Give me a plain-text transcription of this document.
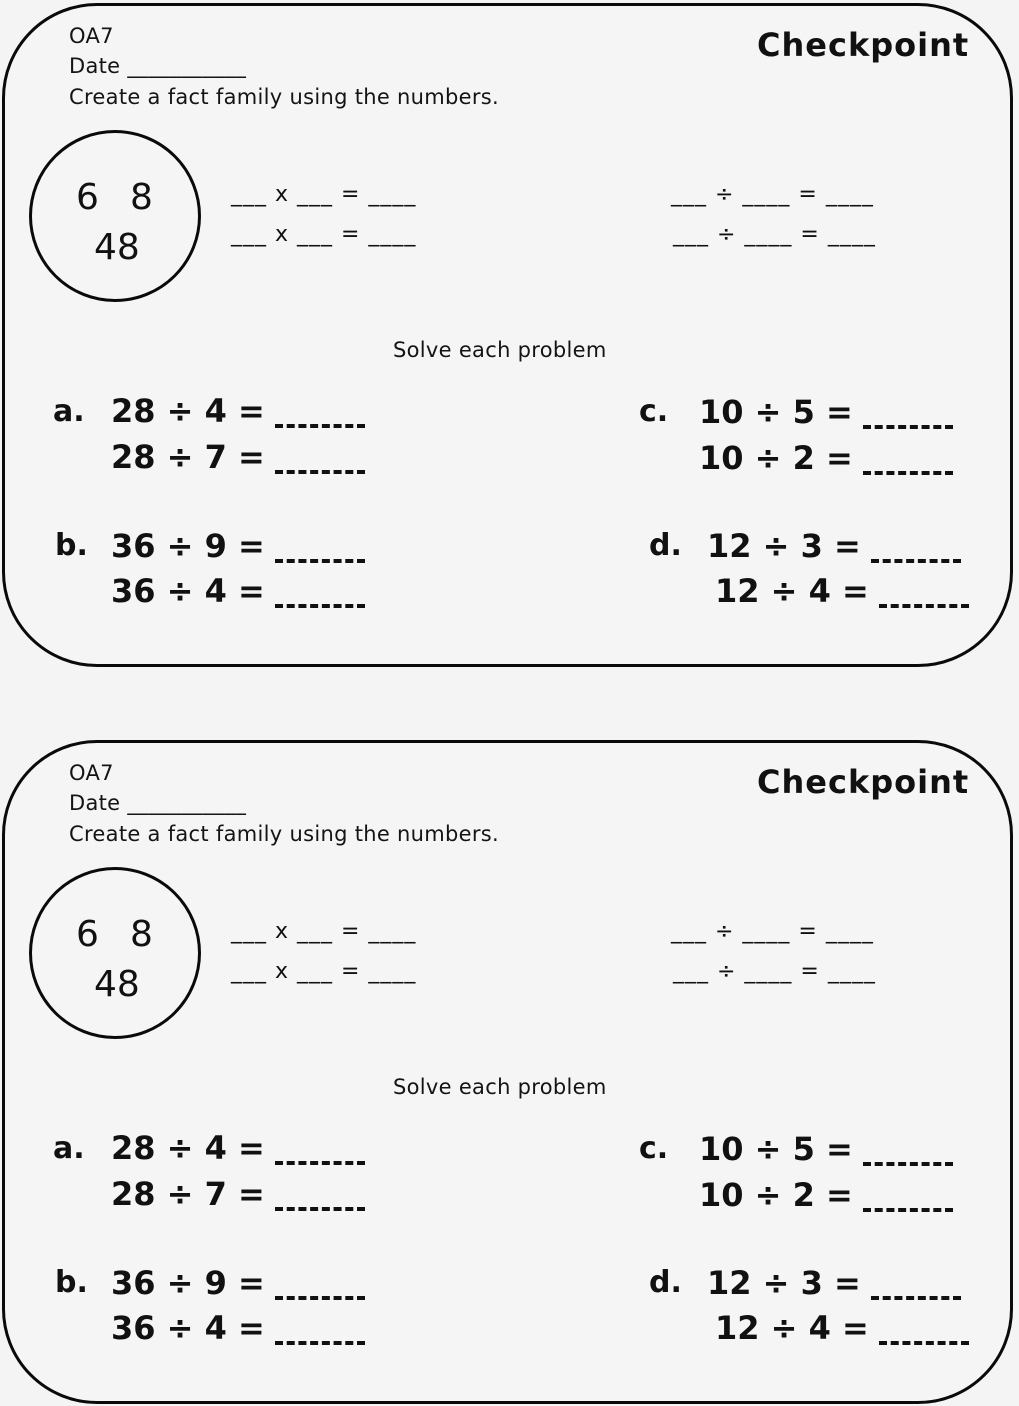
OA7
Date ___________
Create a fact family using the numbers.
Checkpoint
6 8
48
___ x ___ = ____
___ x ___ = ____
___ ÷ ____ = ____
___ ÷ ____ = ____
Solve each problem
a. 28 ÷ 4 =
28 ÷ 7 =
b. 36 ÷ 9 =
36 ÷ 4 =
c. 10 ÷ 5 =
10 ÷ 2 =
d. 12 ÷ 3 =
12 ÷ 4 =
OA7
Date ___________
Create a fact family using the numbers.
Checkpoint
6 8
48
___ x ___ = ____
___ x ___ = ____
___ ÷ ____ = ____
___ ÷ ____ = ____
Solve each problem
a. 28 ÷ 4 =
28 ÷ 7 =
b. 36 ÷ 9 =
36 ÷ 4 =
c. 10 ÷ 5 =
10 ÷ 2 =
d. 12 ÷ 3 =
12 ÷ 4 =
